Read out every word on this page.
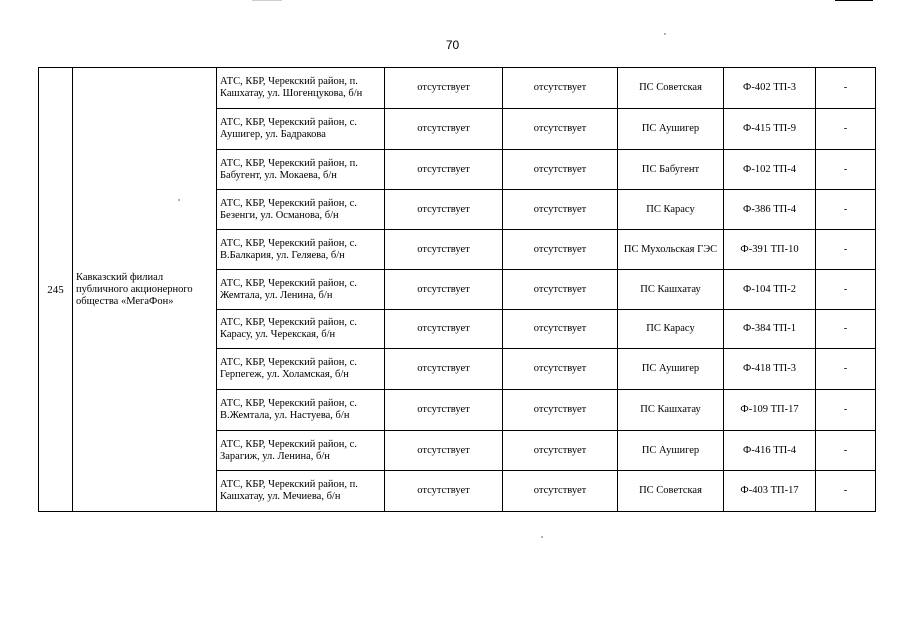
70
245	Кавказский филиал публичного акционерного общества «МегаФон»	АТС, КБР, Черекский район, п. Кашхатау, ул. Шогенцукова, б/н	отсутствует	отсутствует	ПС Советская	Ф-402 ТП-3	-
		АТС, КБР, Черекский район, с. Аушигер, ул. Бадракова	отсутствует	отсутствует	ПС Аушигер	Ф-415 ТП-9	-
		АТС, КБР, Черекский район, п. Бабугент, ул. Мокаева, б/н	отсутствует	отсутствует	ПС Бабугент	Ф-102 ТП-4	-
		АТС, КБР, Черекский район, с. Безенги, ул. Османова, б/н	отсутствует	отсутствует	ПС Карасу	Ф-386 ТП-4	-
		АТС, КБР, Черекский район, с. В.Балкария, ул. Геляева, б/н	отсутствует	отсутствует	ПС Мухольская ГЭС	Ф-391 ТП-10	-
		АТС, КБР, Черекский район, с. Жемтала, ул. Ленина, б/н	отсутствует	отсутствует	ПС Кашхатау	Ф-104 ТП-2	-
		АТС, КБР, Черекский район, с. Карасу, ул. Черекская, б/н	отсутствует	отсутствует	ПС Карасу	Ф-384 ТП-1	-
		АТС, КБР, Черекский район, с. Герпегеж, ул. Холамская, б/н	отсутствует	отсутствует	ПС Аушигер	Ф-418 ТП-3	-
		АТС, КБР, Черекский район, с. В.Жемтала, ул. Настуева, б/н	отсутствует	отсутствует	ПС Кашхатау	Ф-109 ТП-17	-
		АТС, КБР, Черекский район, с. Зарагиж, ул. Ленина, б/н	отсутствует	отсутствует	ПС Аушигер	Ф-416 ТП-4	-
		АТС, КБР, Черекский район, п. Кашхатау, ул. Мечиева, б/н	отсутствует	отсутствует	ПС Советская	Ф-403 ТП-17	-
